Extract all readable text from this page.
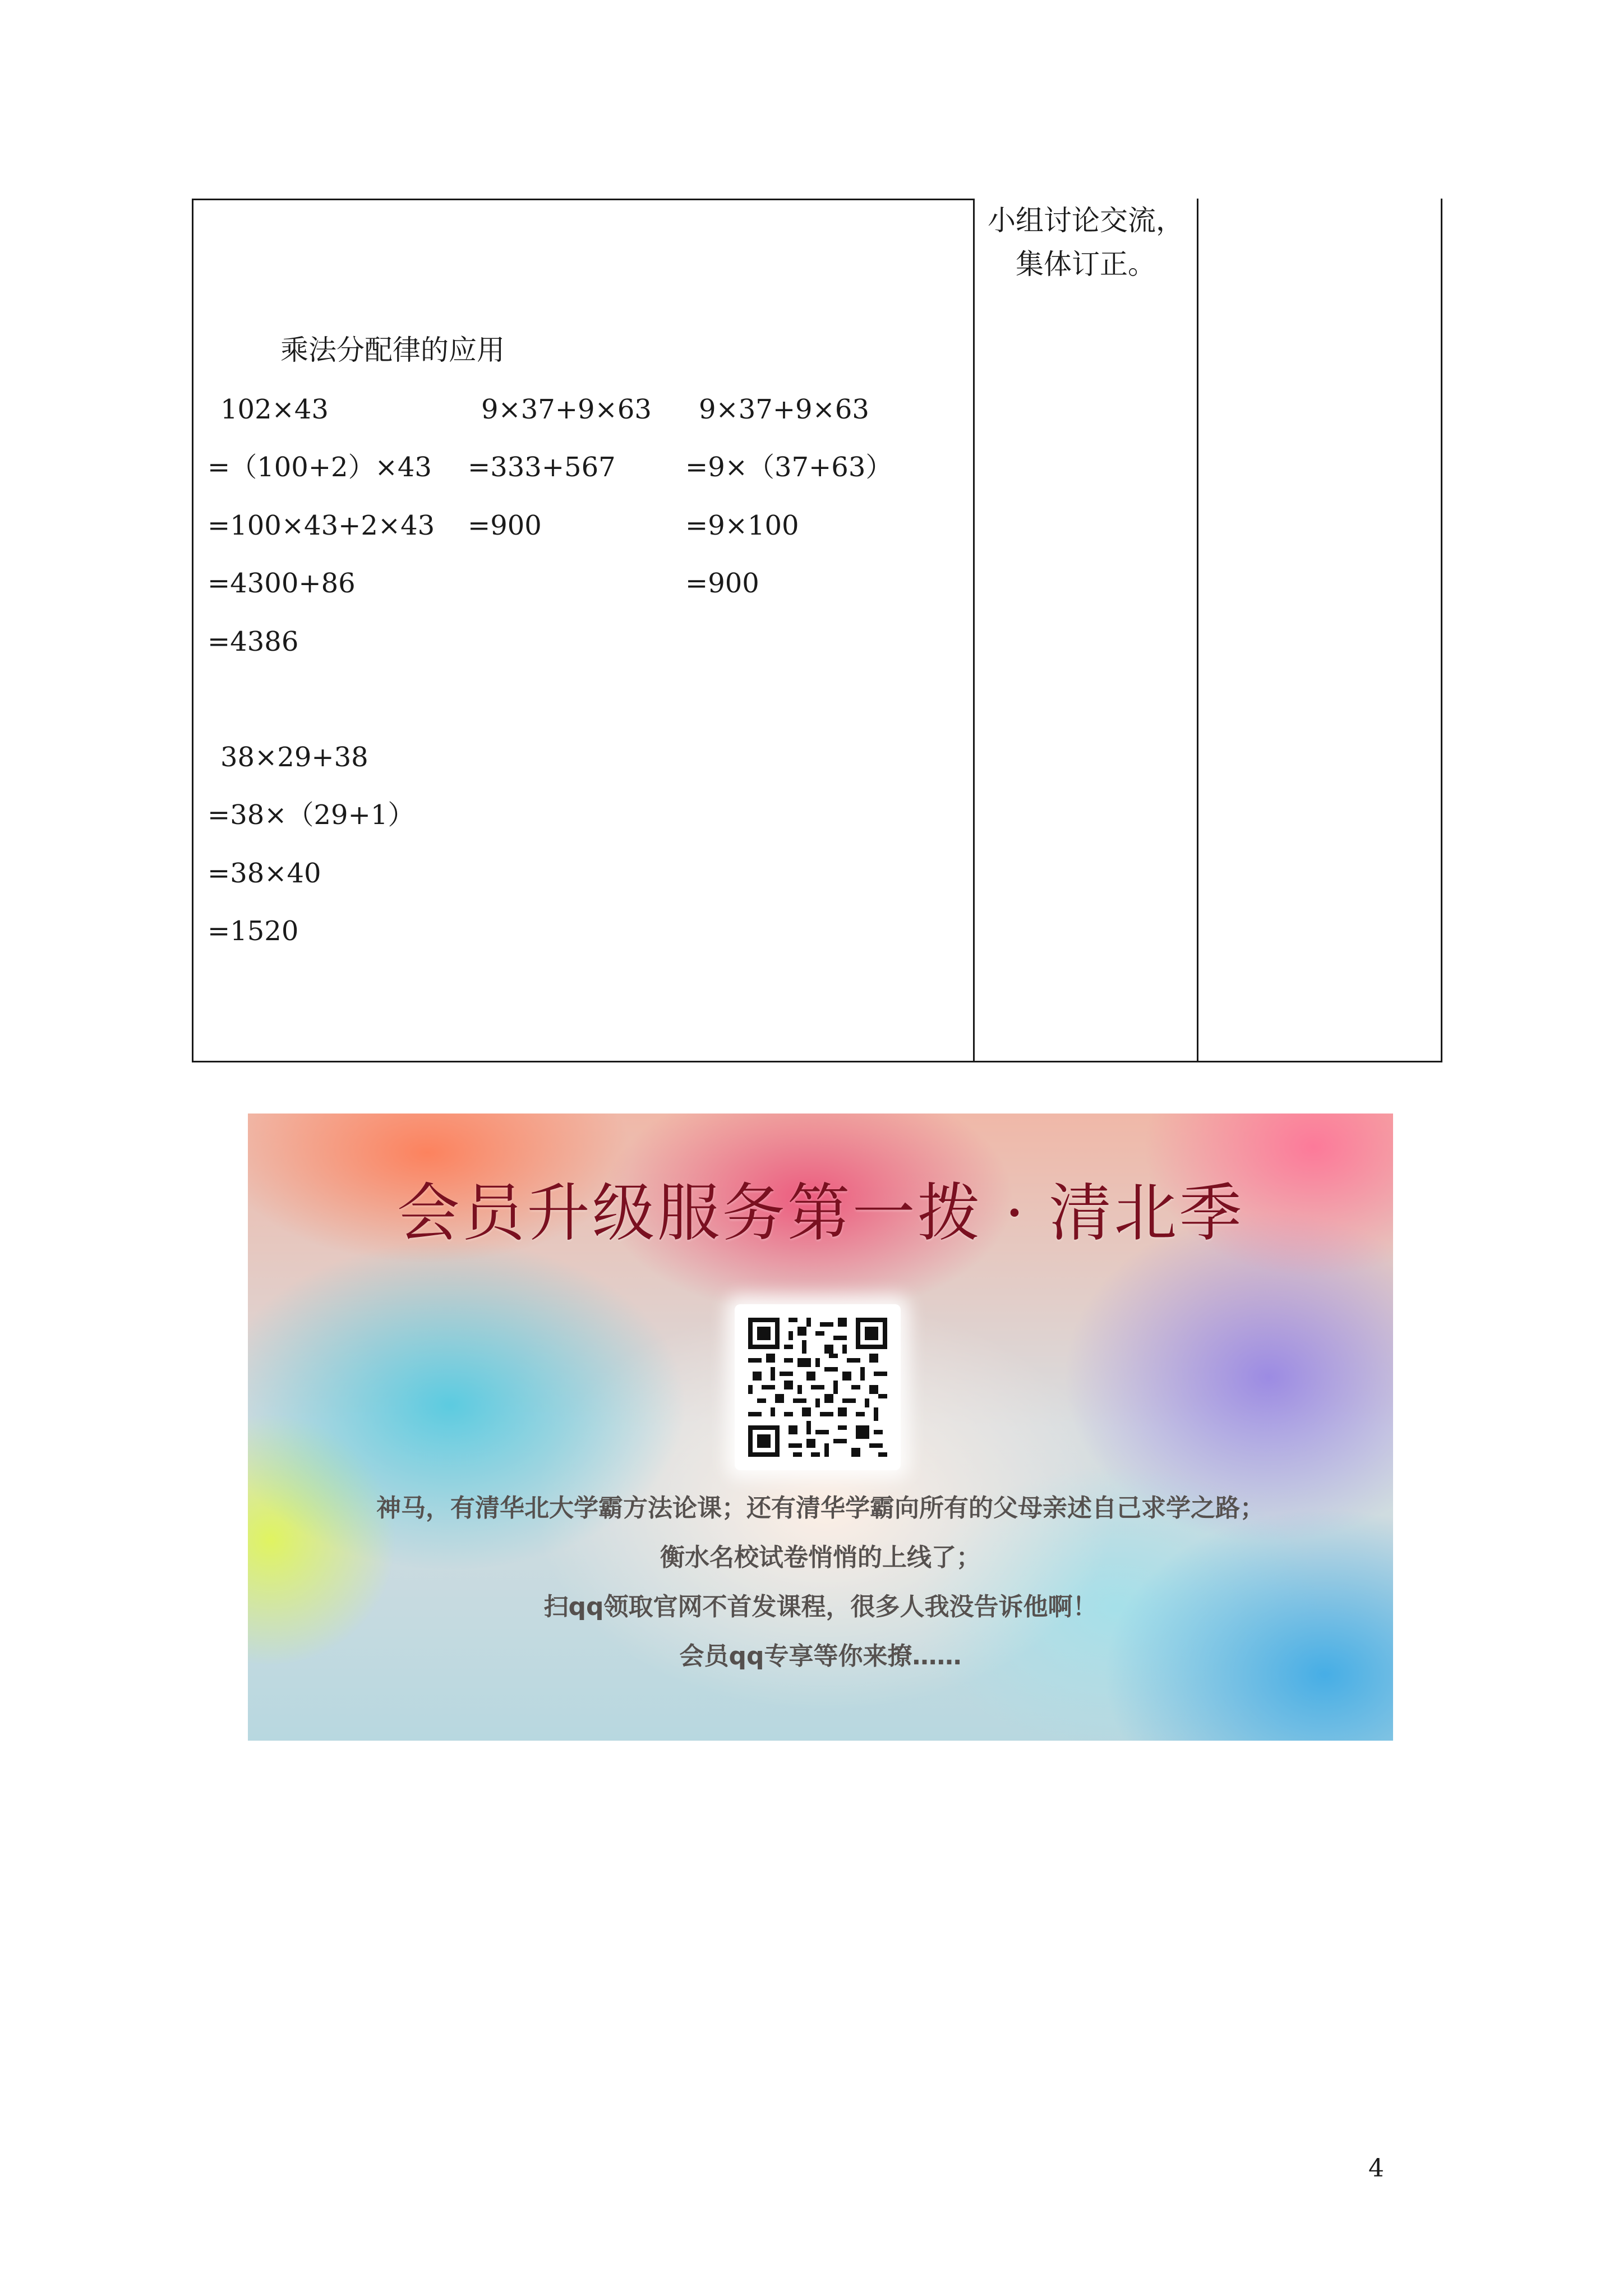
乘法分配律的应用
102×43
=（100+2）×43
=100×43+2×43
=4300+86
=4386
9×37+9×63
=333+567
=900
9×37+9×63
=9×（37+63）
=9×100
=900
38×29+38
=38×（29+1）
=38×40
=1520
小组讨论交流，
集体订正。
会员升级服务第一拨 · 清北季
神马，有清华北大学霸方法论课；还有清华学霸向所有的父母亲述自己求学之路；
衡水名校试卷悄悄的上线了；
扫qq领取官网不首发课程，很多人我没告诉他啊！
会员qq专享等你来撩……
4
